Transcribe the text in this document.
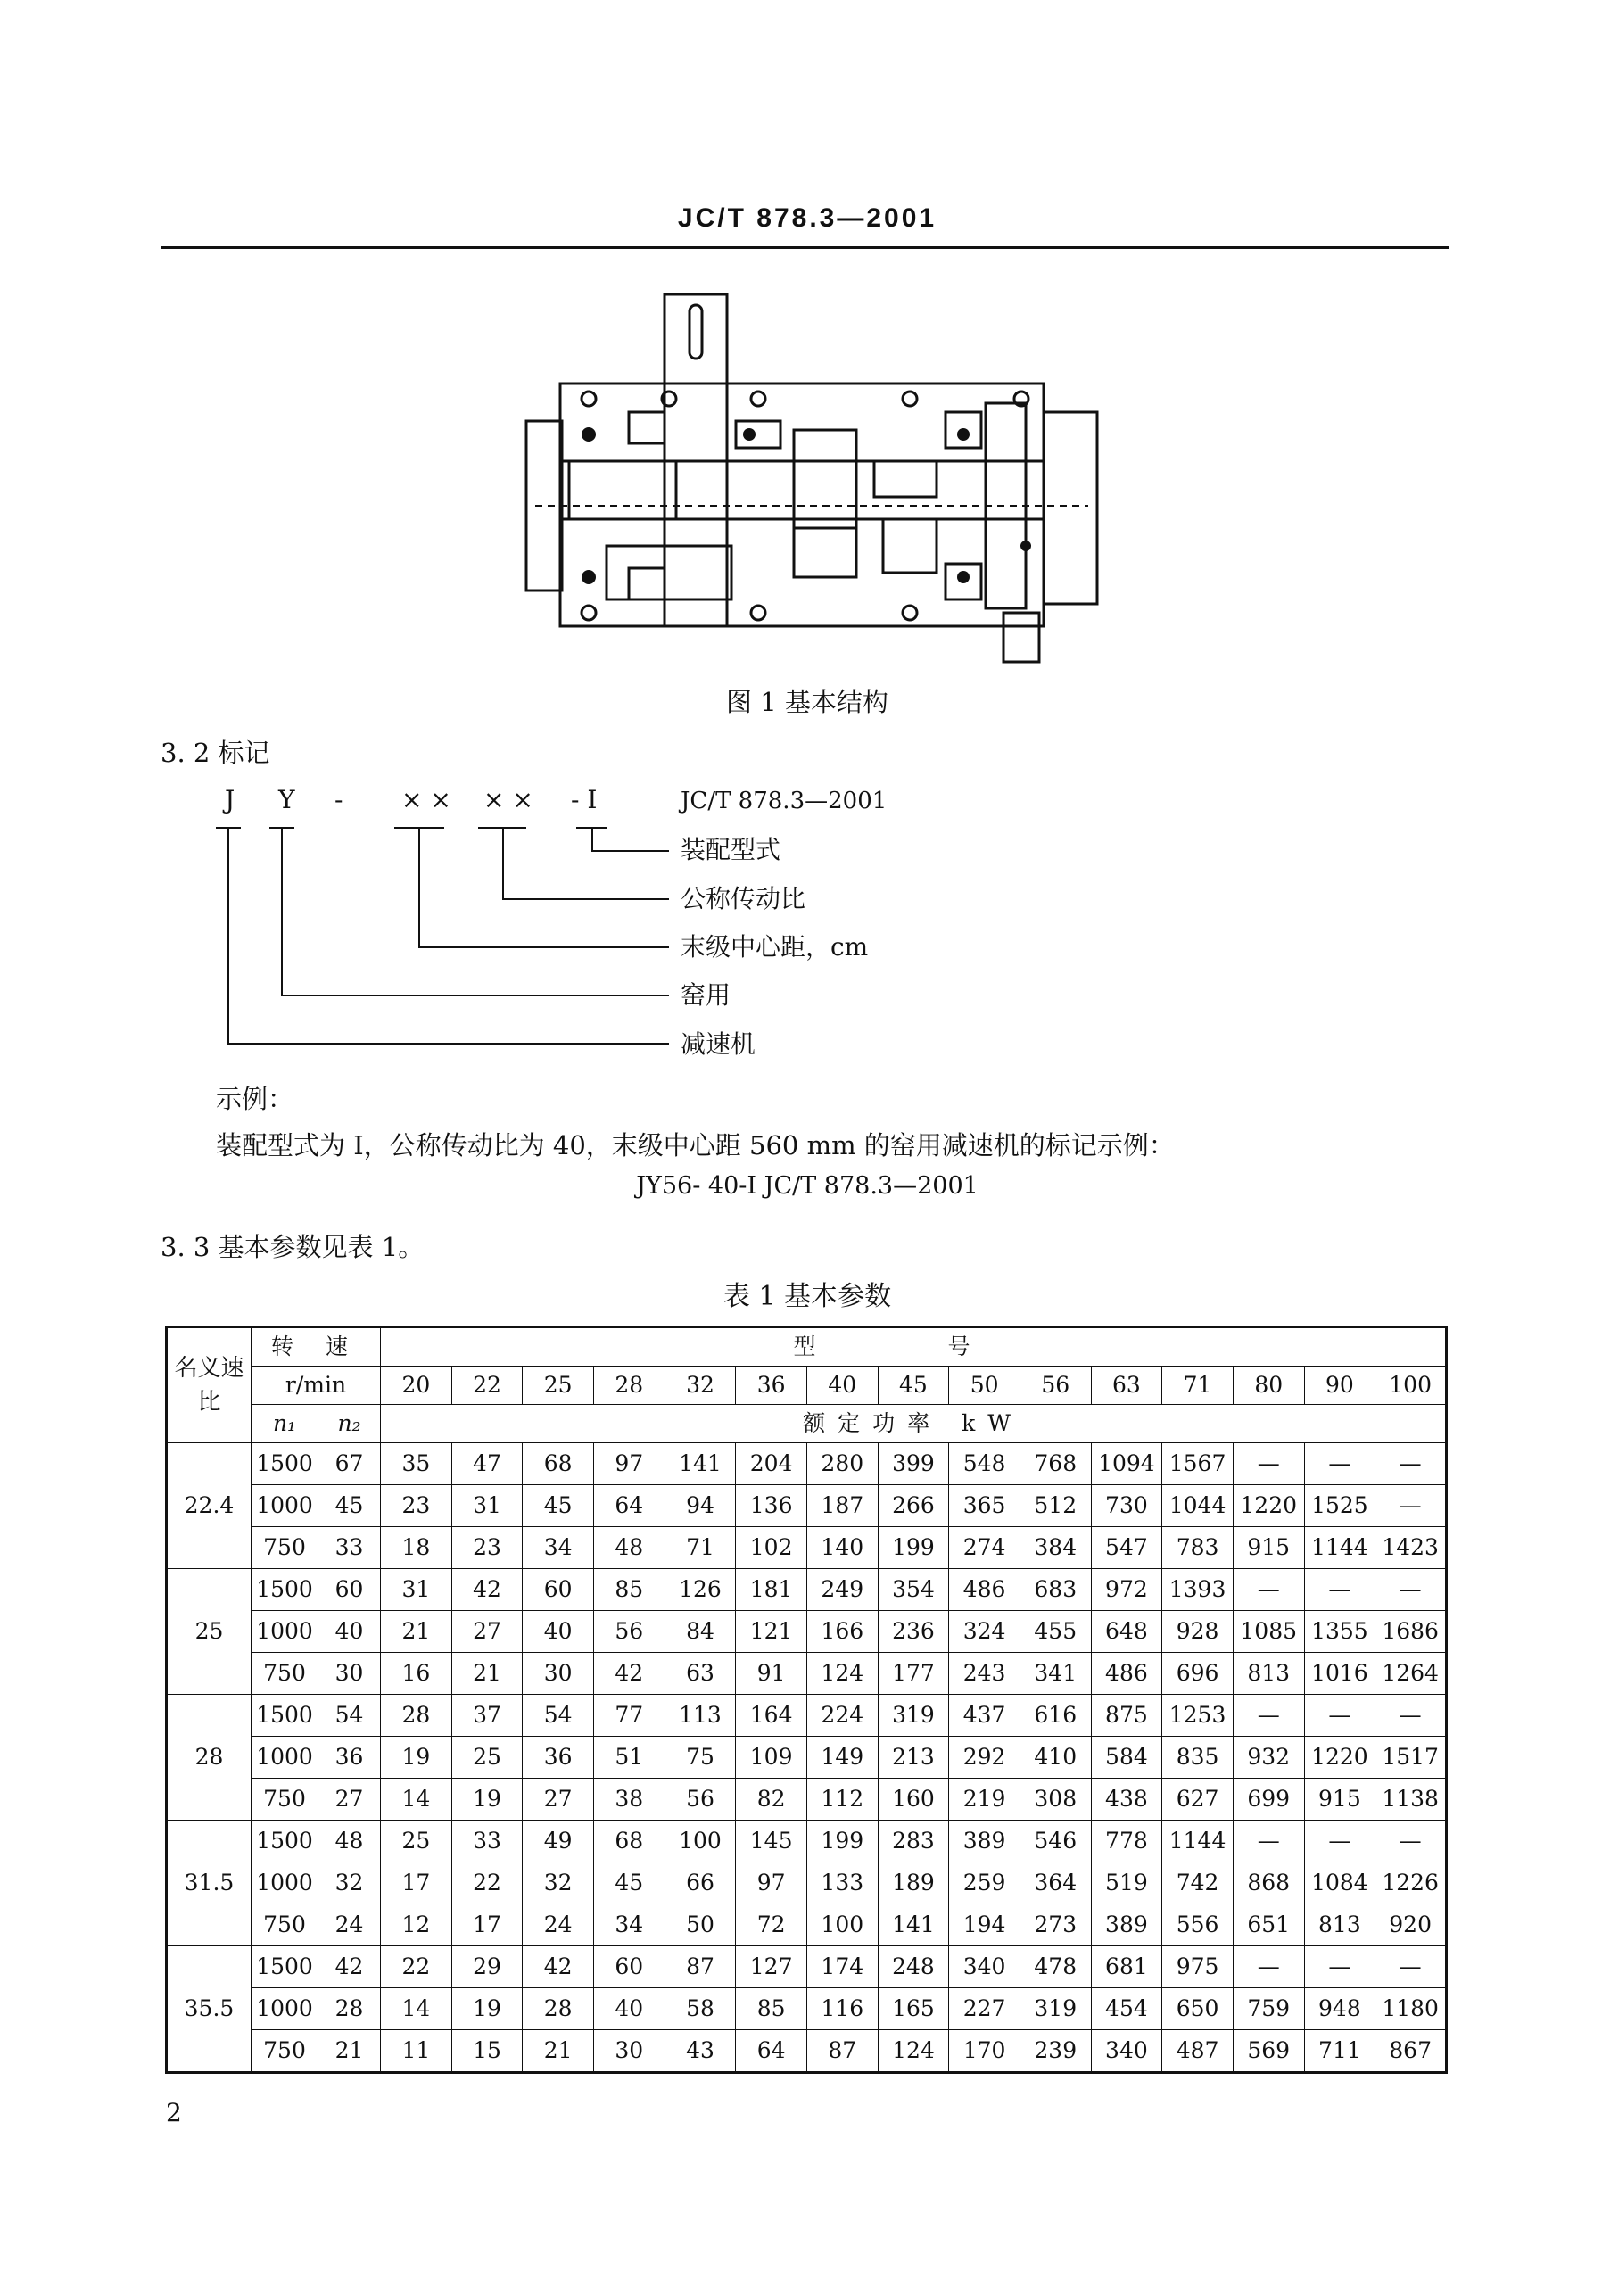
JC/T 878.3—2001
图 1 基本结构
3. 2 标记
J Y - × × × × - I	JC/T 878.3—2001
装配型式
公称传动比
末级中心距，cm
窑用
减速机
示例：
装配型式为 I，公称传动比为 40，末级中心距 560 mm 的窑用减速机的标记示例：
JY56- 40-I JC/T 878.3—2001
3. 3 基本参数见表 1。
表 1 基本参数
名义速比	转 速		型 号														
	r/min		20	22	25	28	32	36	40	45	50	56	63	71	80	90	100
	n₁	n₂	额定功率 kW														
22.4	1500	67	35	47	68	97	141	204	280	399	548	768	1094	1567	—	—	—
	1000	45	23	31	45	64	94	136	187	266	365	512	730	1044	1220	1525	—
	750	33	18	23	34	48	71	102	140	199	274	384	547	783	915	1144	1423
25	1500	60	31	42	60	85	126	181	249	354	486	683	972	1393	—	—	—
	1000	40	21	27	40	56	84	121	166	236	324	455	648	928	1085	1355	1686
	750	30	16	21	30	42	63	91	124	177	243	341	486	696	813	1016	1264
28	1500	54	28	37	54	77	113	164	224	319	437	616	875	1253	—	—	—
	1000	36	19	25	36	51	75	109	149	213	292	410	584	835	932	1220	1517
	750	27	14	19	27	38	56	82	112	160	219	308	438	627	699	915	1138
31.5	1500	48	25	33	49	68	100	145	199	283	389	546	778	1144	—	—	—
	1000	32	17	22	32	45	66	97	133	189	259	364	519	742	868	1084	1226
	750	24	12	17	24	34	50	72	100	141	194	273	389	556	651	813	920
35.5	1500	42	22	29	42	60	87	127	174	248	340	478	681	975	—	—	—
	1000	28	14	19	28	40	58	85	116	165	227	319	454	650	759	948	1180
	750	21	11	15	21	30	43	64	87	124	170	239	340	487	569	711	867
2
